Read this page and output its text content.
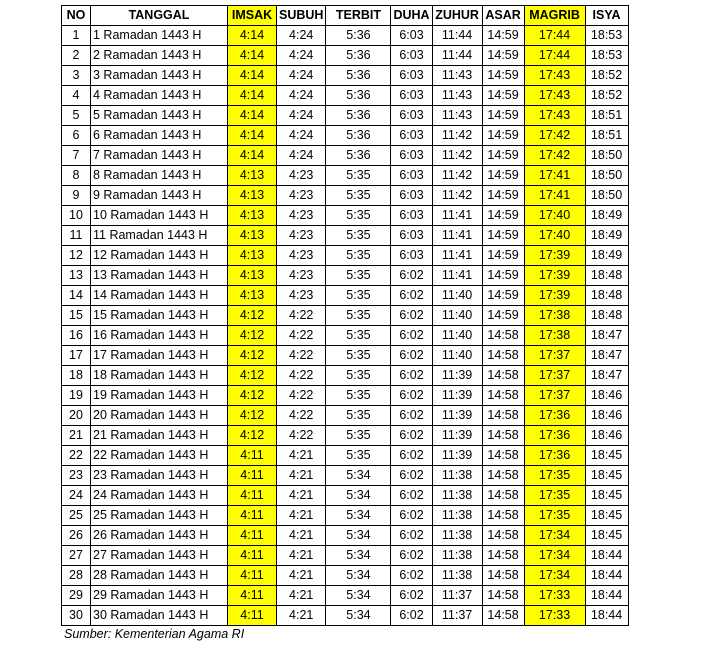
NO	TANGGAL	IMSAK	SUBUH	TERBIT	DUHA	ZUHUR	ASAR	MAGRIB	ISYA
1	1 Ramadan 1443 H	4:14	4:24	5:36	6:03	11:44	14:59	17:44	18:53
2	2 Ramadan 1443 H	4:14	4:24	5:36	6:03	11:44	14:59	17:44	18:53
3	3 Ramadan 1443 H	4:14	4:24	5:36	6:03	11:43	14:59	17:43	18:52
4	4 Ramadan 1443 H	4:14	4:24	5:36	6:03	11:43	14:59	17:43	18:52
5	5 Ramadan 1443 H	4:14	4:24	5:36	6:03	11:43	14:59	17:43	18:51
6	6 Ramadan 1443 H	4:14	4:24	5:36	6:03	11:42	14:59	17:42	18:51
7	7 Ramadan 1443 H	4:14	4:24	5:36	6:03	11:42	14:59	17:42	18:50
8	8 Ramadan 1443 H	4:13	4:23	5:35	6:03	11:42	14:59	17:41	18:50
9	9 Ramadan 1443 H	4:13	4:23	5:35	6:03	11:42	14:59	17:41	18:50
10	10 Ramadan 1443 H	4:13	4:23	5:35	6:03	11:41	14:59	17:40	18:49
11	11 Ramadan 1443 H	4:13	4:23	5:35	6:03	11:41	14:59	17:40	18:49
12	12 Ramadan 1443 H	4:13	4:23	5:35	6:03	11:41	14:59	17:39	18:49
13	13 Ramadan 1443 H	4:13	4:23	5:35	6:02	11:41	14:59	17:39	18:48
14	14 Ramadan 1443 H	4:13	4:23	5:35	6:02	11:40	14:59	17:39	18:48
15	15 Ramadan 1443 H	4:12	4:22	5:35	6:02	11:40	14:59	17:38	18:48
16	16 Ramadan 1443 H	4:12	4:22	5:35	6:02	11:40	14:58	17:38	18:47
17	17 Ramadan 1443 H	4:12	4:22	5:35	6:02	11:40	14:58	17:37	18:47
18	18 Ramadan 1443 H	4:12	4:22	5:35	6:02	11:39	14:58	17:37	18:47
19	19 Ramadan 1443 H	4:12	4:22	5:35	6:02	11:39	14:58	17:37	18:46
20	20 Ramadan 1443 H	4:12	4:22	5:35	6:02	11:39	14:58	17:36	18:46
21	21 Ramadan 1443 H	4:12	4:22	5:35	6:02	11:39	14:58	17:36	18:46
22	22 Ramadan 1443 H	4:11	4:21	5:35	6:02	11:39	14:58	17:36	18:45
23	23 Ramadan 1443 H	4:11	4:21	5:34	6:02	11:38	14:58	17:35	18:45
24	24 Ramadan 1443 H	4:11	4:21	5:34	6:02	11:38	14:58	17:35	18:45
25	25 Ramadan 1443 H	4:11	4:21	5:34	6:02	11:38	14:58	17:35	18:45
26	26 Ramadan 1443 H	4:11	4:21	5:34	6:02	11:38	14:58	17:34	18:45
27	27 Ramadan 1443 H	4:11	4:21	5:34	6:02	11:38	14:58	17:34	18:44
28	28 Ramadan 1443 H	4:11	4:21	5:34	6:02	11:38	14:58	17:34	18:44
29	29 Ramadan 1443 H	4:11	4:21	5:34	6:02	11:37	14:58	17:33	18:44
30	30 Ramadan 1443 H	4:11	4:21	5:34	6:02	11:37	14:58	17:33	18:44
Sumber: Kementerian Agama RI
